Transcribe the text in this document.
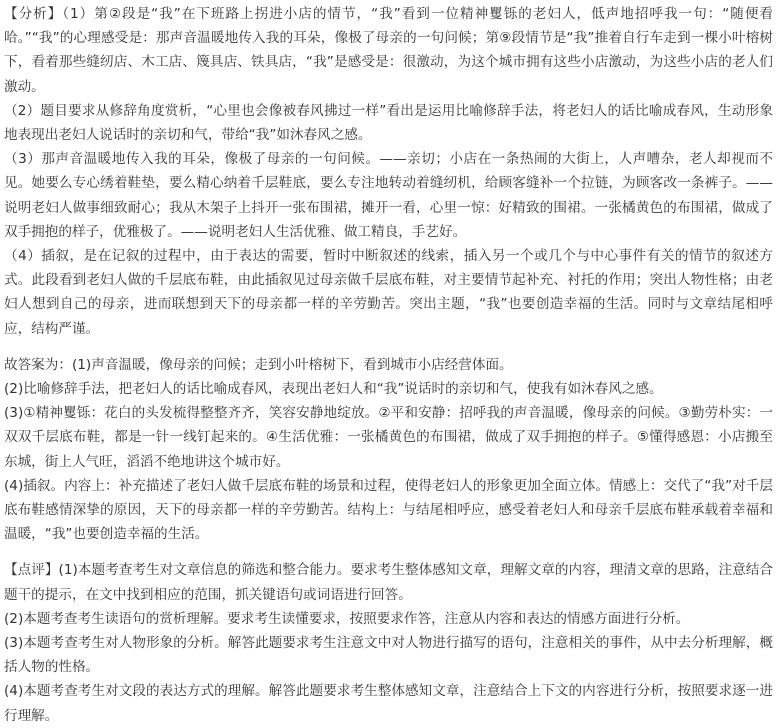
【分析】（1）第②段是“我”在下班路上拐进小店的情节，“我”看到一位精神矍铄的老妇人，低声地招呼我一句：“随便看哈。”“我”的心理感受是：那声音温暖地传入我的耳朵，像极了母亲的一句问候；第⑨段情节是“我”推着自行车走到一棵小叶榕树下，看着那些缝纫店、木工店、篾具店、铁具店，“我”是感受是：很激动，为这个城市拥有这些小店激动，为这些小店的老人们激动。

（2）题目要求从修辞角度赏析，“心里也会像被春风拂过一样”看出是运用比喻修辞手法，将老妇人的话比喻成春风，生动形象地表现出老妇人说话时的亲切和气，带给“我”如沐春风之感。

（3）那声音温暖地传入我的耳朵，像极了母亲的一句问候。——亲切；小店在一条热闹的大街上，人声嘈杂，老人却视而不见。她要么专心绣着鞋垫，要么精心纳着千层鞋底，要么专注地转动着缝纫机，给顾客缝补一个拉链，为顾客改一条裤子。——说明老妇人做事细致耐心；我从木架子上抖开一张布围裙，摊开一看，心里一惊：好精致的围裙。一张橘黄色的布围裙，做成了双手拥抱的样子，优雅极了。——说明老妇人生活优雅、做工精良，手艺好。

（4）插叙，是在记叙的过程中，由于表达的需要，暂时中断叙述的线索，插入另一个或几个与中心事件有关的情节的叙述方式。此段看到老妇人做的千层底布鞋，由此插叙见过母亲做千层底布鞋，对主要情节起补充、衬托的作用；突出人物性格；由老妇人想到自己的母亲，进而联想到天下的母亲都一样的辛劳勤苦。突出主题，“我”也要创造幸福的生活。同时与文章结尾相呼应，结构严谨。

故答案为：(1)声音温暖，像母亲的问候；走到小叶榕树下，看到城市小店经营体面。

(2)比喻修辞手法，把老妇人的话比喻成春风，表现出老妇人和“我”说话时的亲切和气，使我有如沐春风之感。

(3)①精神矍铄：花白的头发梳得整整齐齐，笑容安静地绽放。②平和安静：招呼我的声音温暖，像母亲的问候。③勤劳朴实：一双双千层底布鞋，都是一针一线钉起来的。④生活优雅：一张橘黄色的布围裙，做成了双手拥抱的样子。⑤懂得感恩：小店搬至东城，街上人气旺，滔滔不绝地讲这个城市好。

(4)插叙。内容上：补充描述了老妇人做千层底布鞋的场景和过程，使得老妇人的形象更加全面立体。情感上：交代了“我”对千层底布鞋感情深挚的原因，天下的母亲都一样的辛劳勤苦。结构上：与结尾相呼应，感受着老妇人和母亲千层底布鞋承载着幸福和温暖，“我”也要创造幸福的生活。

【点评】(1)本题考查考生对文章信息的筛选和整合能力。要求考生整体感知文章，理解文章的内容，理清文章的思路，注意结合题干的提示，在文中找到相应的范围，抓关键语句或词语进行回答。

(2)本题考查考生读语句的赏析理解。要求考生读懂要求，按照要求作答，注意从内容和表达的情感方面进行分析。

(3)本题考查考生对人物形象的分析。解答此题要求考生注意文中对人物进行描写的语句，注意相关的事件，从中去分析理解，概括人物的性格。

(4)本题考查考生对文段的表达方式的理解。解答此题要求考生整体感知文章，注意结合上下文的内容进行分析，按照要求逐一进行理解。
